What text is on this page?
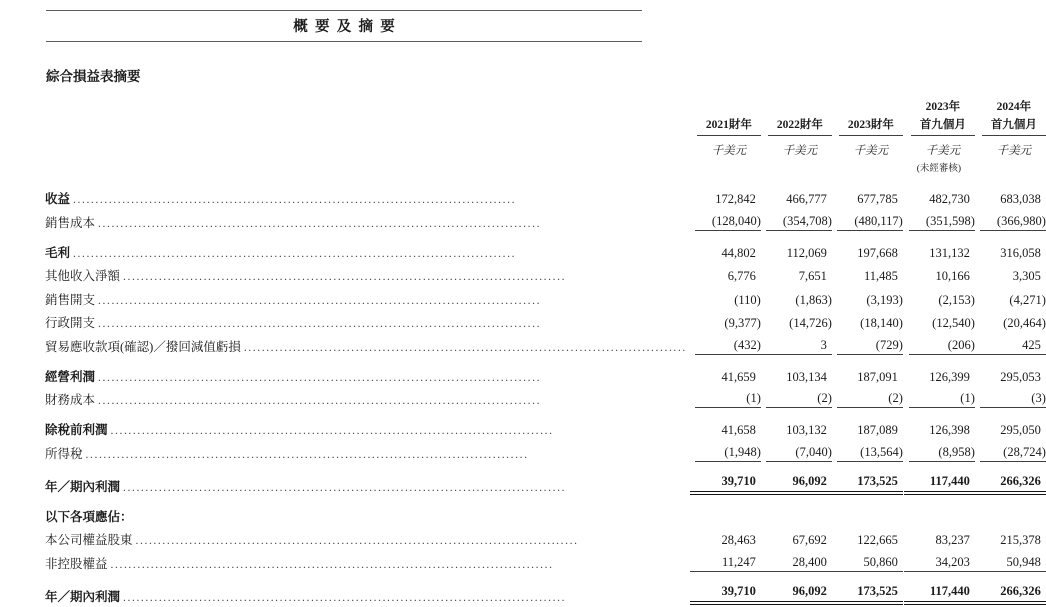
概要及摘要
綜合損益表摘要

				2023年	2024年

	2021財年	2022財年	2023財年	首九個月	首九個月

	千美元	千美元	千美元	千美元	千美元

				(未經審核)	

收益
.....	172,842	466,777	677,785	482,730	683,038

銷售成本
.....	(128,040)	(354,708)	(480,117)	(351,598)	(366,980)

毛利
.....	44,802	112,069	197,668	131,132	316,058

其他收入淨額
.....	6,776	7,651	11,485	10,166	3,305

銷售開支
.....	(110)	(1,863)	(3,193)	(2,153)	(4,271)

行政開支
.....	(9,377)	(14,726)	(18,140)	(12,540)	(20,464)

貿易應收款項(確認)／撥回減值虧損
.....	(432)	3	(729)	(206)	425

經營利潤
.....	41,659	103,134	187,091	126,399	295,053

財務成本
.....	(1)	(2)	(2)	(1)	(3)

除稅前利潤
.....	41,658	103,132	187,089	126,398	295,050

所得稅
.....	(1,948)	(7,040)	(13,564)	(8,958)	(28,724)

年／期內利潤
.....	39,710	96,092	173,525	117,440	266,326

以下各項應佔：					

本公司權益股東
.....	28,463	67,692	122,665	83,237	215,378

非控股權益
.....	11,247	28,400	50,860	34,203	50,948

年／期內利潤
.....	39,710	96,092	173,525	117,440	266,326
